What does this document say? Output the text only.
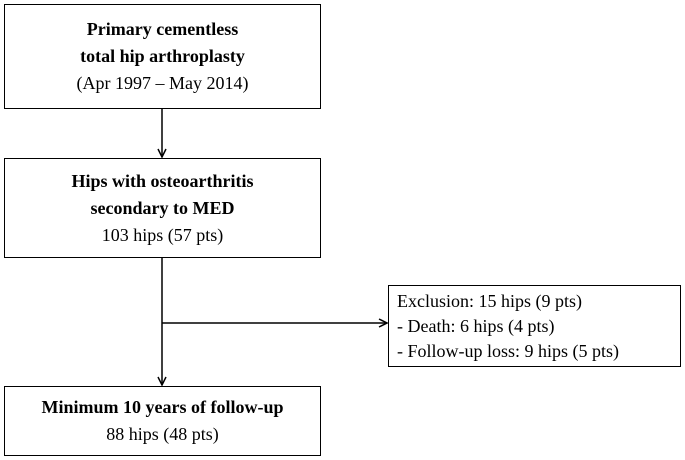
Primary cementless
total hip arthroplasty
(Apr 1997 – May 2014)
Hips with osteoarthritis
secondary to MED
103 hips (57 pts)
Exclusion: 15 hips (9 pts)
- Death: 6 hips (4 pts)
- Follow-up loss: 9 hips (5 pts)
Minimum 10 years of follow-up
88 hips (48 pts)
